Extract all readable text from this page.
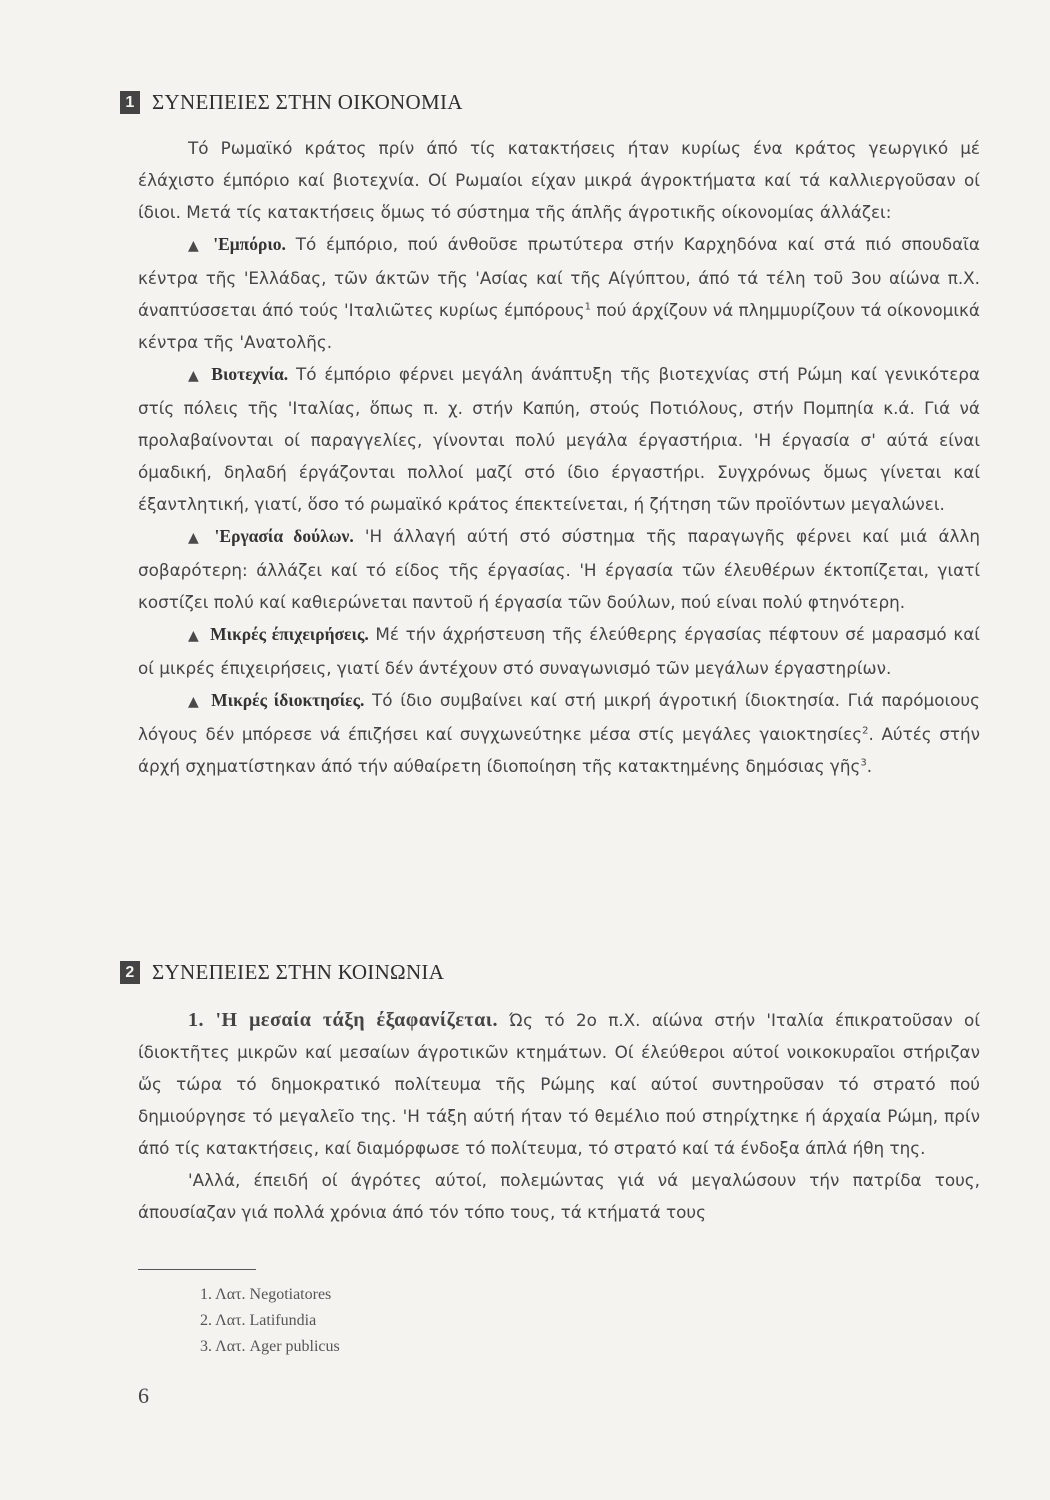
1 ΣΥΝΕΠΕΙΕΣ ΣΤΗΝ ΟΙΚΟΝΟΜΙΑ

Τό Ρωμαϊκό κράτος πρίν άπό τίς κατακτήσεις ήταν κυρίως ένα κράτος γεωργικό μέ έλάχιστο έμπόριο καί βιοτεχνία. Οί Ρωμαίοι είχαν μικρά άγροκτήματα καί τά καλλιεργοῦσαν οί ίδιοι. Μετά τίς κατακτήσεις ὅμως τό σύστημα τῆς άπλῆς άγροτικῆς οίκονομίας άλλάζει:

▲ 'Εμπόριο. Τό έμπόριο, πού άνθοῦσε πρωτύτερα στήν Καρχηδόνα καί στά πιό σπουδαῖα κέντρα τῆς 'Ελλάδας, τῶν άκτῶν τῆς 'Ασίας καί τῆς Αίγύπτου, άπό τά τέλη τοῦ 3ου αίώνα π.Χ. άναπτύσσεται άπό τούς 'Ιταλιῶτες κυρίως έμπόρους$^1$ πού άρχίζουν νά πλημμυρίζουν τά οίκονομικά κέντρα τῆς 'Ανατολῆς.

▲ Βιοτεχνία. Τό έμπόριο φέρνει μεγάλη άνάπτυξη τῆς βιοτεχνίας στή Ρώμη καί γενικότερα στίς πόλεις τῆς 'Ιταλίας, ὅπως π. χ. στήν Καπύη, στούς Ποτιόλους, στήν Πομπηία κ.ά. Γιά νά προλαβαίνονται οί παραγγελίες, γίνονται πολύ μεγάλα έργαστήρια. 'Η έργασία σ' αύτά είναι όμαδική, δηλαδή έργάζονται πολλοί μαζί στό ίδιο έργαστήρι. Συγχρόνως ὅμως γίνεται καί έξαντλητική, γιατί, ὅσο τό ρωμαϊκό κράτος έπεκτείνεται, ή ζήτηση τῶν προϊόντων μεγαλώνει.

▲ 'Εργασία δούλων. 'Η άλλαγή αύτή στό σύστημα τῆς παραγωγῆς φέρνει καί μιά άλλη σοβαρότερη: άλλάζει καί τό είδος τῆς έργασίας. 'Η έργασία τῶν έλευθέρων έκτοπίζεται, γιατί κοστίζει πολύ καί καθιερώνεται παντοῦ ή έργασία τῶν δούλων, πού είναι πολύ φτηνότερη.

▲ Μικρές έπιχειρήσεις. Μέ τήν άχρήστευση τῆς έλεύθερης έργασίας πέφτουν σέ μαρασμό καί οί μικρές έπιχειρήσεις, γιατί δέν άντέχουν στό συναγωνισμό τῶν μεγάλων έργαστηρίων.

▲ Μικρές ίδιοκτησίες. Τό ίδιο συμβαίνει καί στή μικρή άγροτική ίδιοκτησία. Γιά παρόμοιους λόγους δέν μπόρεσε νά έπιζήσει καί συγχωνεύτηκε μέσα στίς μεγάλες γαιοκτησίες$^2$. Αύτές στήν άρχή σχηματίστηκαν άπό τήν αύθαίρετη ίδιοποίηση τῆς κατακτημένης δημόσιας γῆς$^3$.

2 ΣΥΝΕΠΕΙΕΣ ΣΤΗΝ ΚΟΙΝΩΝΙΑ

1. 'Η μεσαία τάξη έξαφανίζεται. Ώς τό 2ο π.Χ. αίώνα στήν 'Ιταλία έπικρατοῦσαν οί ίδιοκτῆτες μικρῶν καί μεσαίων άγροτικῶν κτημάτων. Οί έλεύθεροι αύτοί νοικοκυραῖοι στήριζαν ὥς τώρα τό δημοκρατικό πολίτευμα τῆς Ρώμης καί αύτοί συντηροῦσαν τό στρατό πού δημιούργησε τό μεγαλεῖο της. 'Η τάξη αύτή ήταν τό θεμέλιο πού στηρίχτηκε ή άρχαία Ρώμη, πρίν άπό τίς κατακτήσεις, καί διαμόρφωσε τό πολίτευμα, τό στρατό καί τά ένδοξα άπλά ήθη της.

'Αλλά, έπειδή οί άγρότες αύτοί, πολεμώντας γιά νά μεγαλώσουν τήν πατρίδα τους, άπουσίαζαν γιά πολλά χρόνια άπό τόν τόπο τους, τά κτήματά τους

1. Λατ. Negotiatores
2. Λατ. Latifundia
3. Λατ. Ager publicus
6
